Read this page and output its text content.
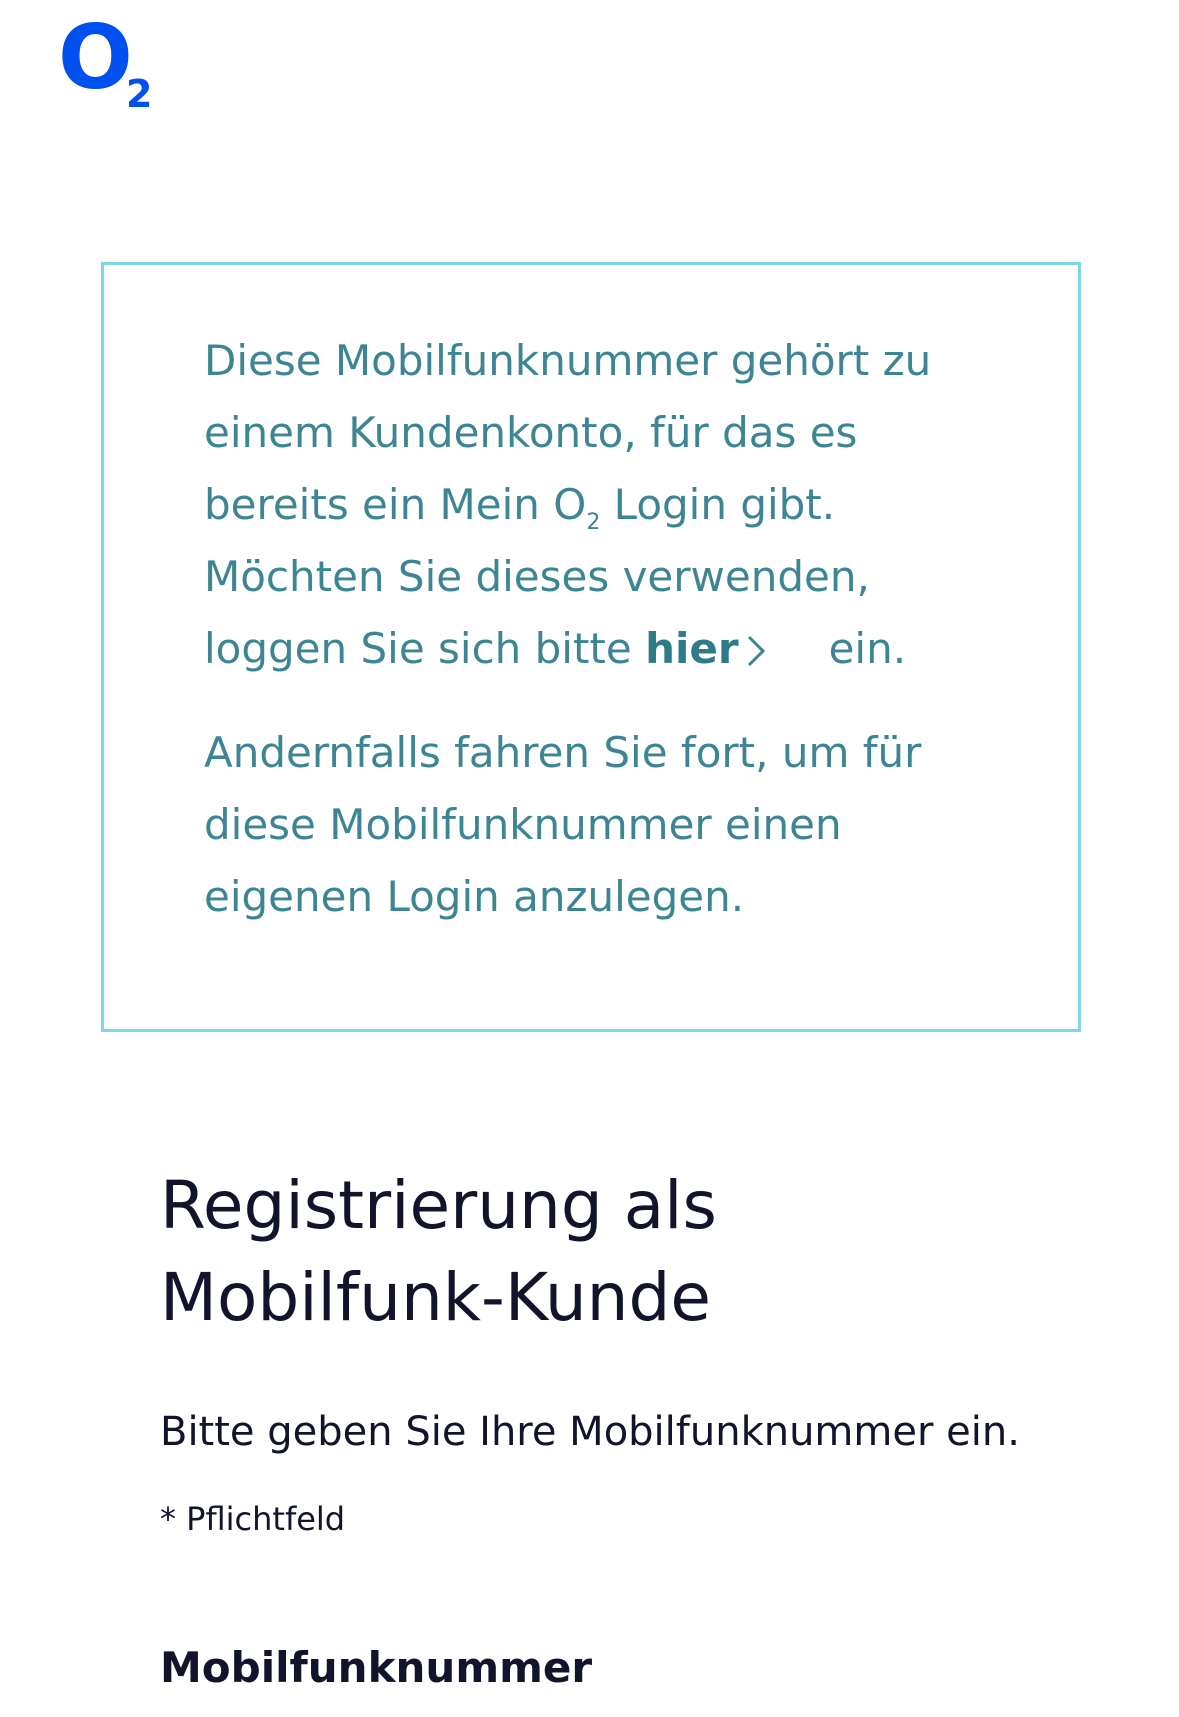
O
2

Diese Mobilfunknummer gehört zu einem Kundenkonto, für das es bereits ein Mein $O_2$ Login gibt. Möchten Sie dieses verwenden, loggen Sie sich bitte hier ein.

Andernfalls fahren Sie fort, um für diese Mobilfunknummer einen eigenen Login anzulegen.

Registrierung als Mobilfunk-Kunde

Bitte geben Sie Ihre Mobilfunknummer ein.

* Pflichtfeld

Mobilfunknummer
